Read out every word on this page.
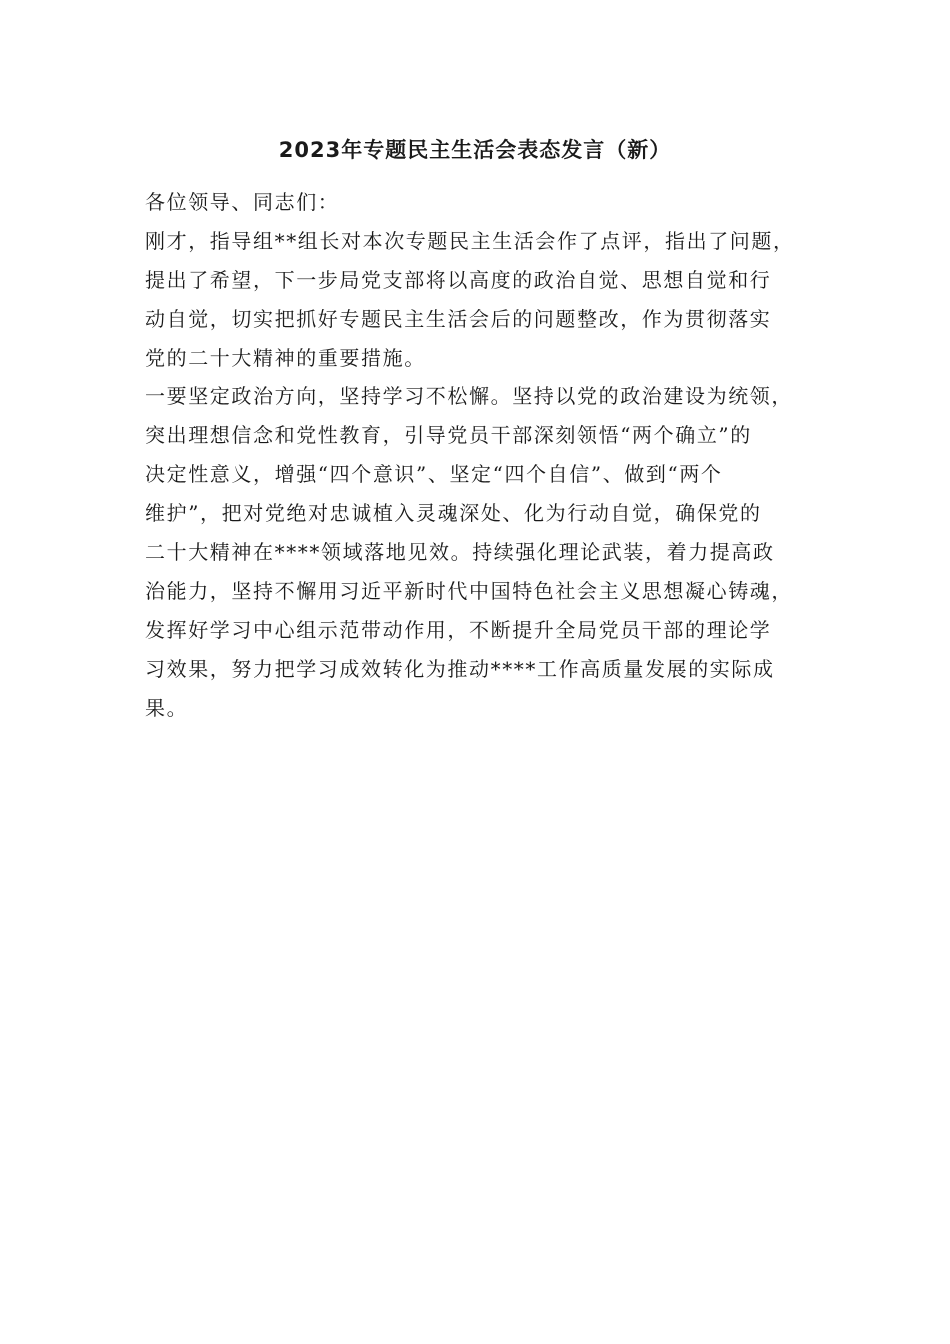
2023年专题民主生活会表态发言（新）
各位领导、同志们：
刚才，指导组**组长对本次专题民主生活会作了点评，指出了问题，
提出了希望，下一步局党支部将以高度的政治自觉、思想自觉和行
动自觉，切实把抓好专题民主生活会后的问题整改，作为贯彻落实
党的二十大精神的重要措施。
一要坚定政治方向，坚持学习不松懈。坚持以党的政治建设为统领，
突出理想信念和党性教育，引导党员干部深刻领悟“两个确立”的
决定性意义，增强“四个意识”、坚定“四个自信”、做到“两个
维护”，把对党绝对忠诚植入灵魂深处、化为行动自觉，确保党的
二十大精神在****领域落地见效。持续强化理论武装，着力提高政
治能力，坚持不懈用习近平新时代中国特色社会主义思想凝心铸魂，
发挥好学习中心组示范带动作用，不断提升全局党员干部的理论学
习效果，努力把学习成效转化为推动****工作高质量发展的实际成
果。
